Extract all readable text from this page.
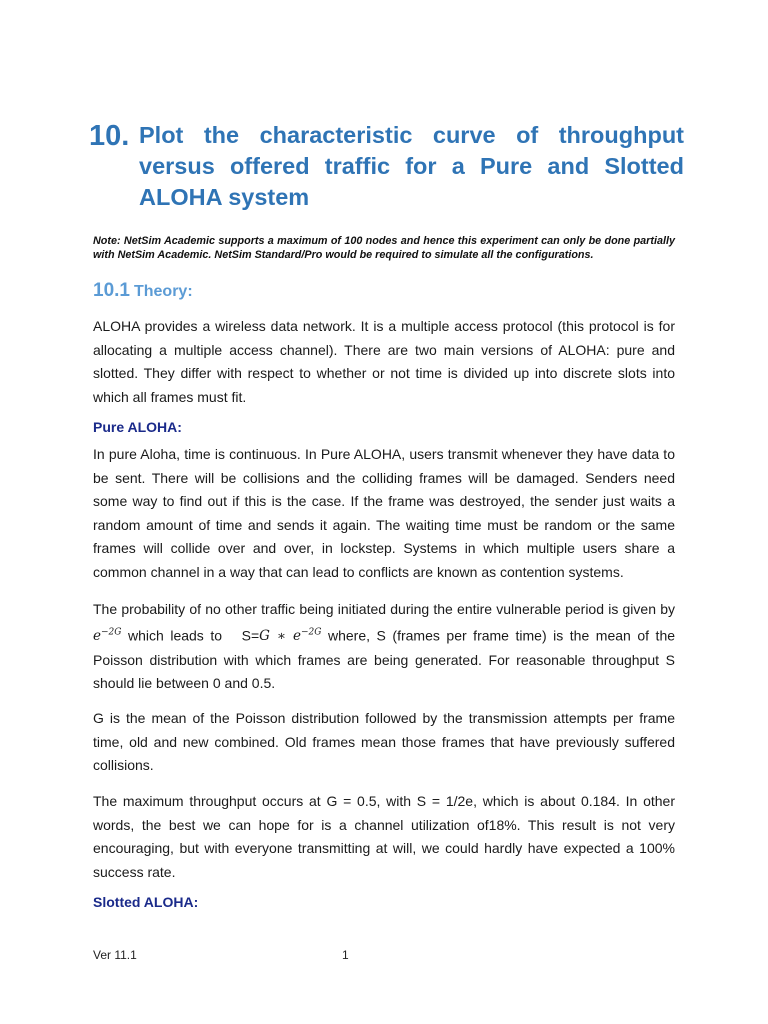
10. Plot the characteristic curve of throughput versus offered traffic for a Pure and Slotted ALOHA system
Note: NetSim Academic supports a maximum of 100 nodes and hence this experiment can only be done partially with NetSim Academic. NetSim Standard/Pro would be required to simulate all the configurations.
10.1 Theory:
ALOHA provides a wireless data network. It is a multiple access protocol (this protocol is for allocating a multiple access channel). There are two main versions of ALOHA: pure and slotted. They differ with respect to whether or not time is divided up into discrete slots into which all frames must fit.
Pure ALOHA:
In pure Aloha, time is continuous. In Pure ALOHA, users transmit whenever they have data to be sent. There will be collisions and the colliding frames will be damaged. Senders need some way to find out if this is the case. If the frame was destroyed, the sender just waits a random amount of time and sends it again. The waiting time must be random or the same frames will collide over and over, in lockstep. Systems in which multiple users share a common channel in a way that can lead to conflicts are known as contention systems.
The probability of no other traffic being initiated during the entire vulnerable period is given by $e^{-2G}$ which leads to S=G ∗ $e^{-2G}$ where, S (frames per frame time) is the mean of the Poisson distribution with which frames are being generated. For reasonable throughput S should lie between 0 and 0.5.
G is the mean of the Poisson distribution followed by the transmission attempts per frame time, old and new combined. Old frames mean those frames that have previously suffered collisions.
The maximum throughput occurs at G = 0.5, with S = 1/2e, which is about 0.184. In other words, the best we can hope for is a channel utilization of18%. This result is not very encouraging, but with everyone transmitting at will, we could hardly have expected a 100% success rate.
Slotted ALOHA:
Ver 11.1	1
